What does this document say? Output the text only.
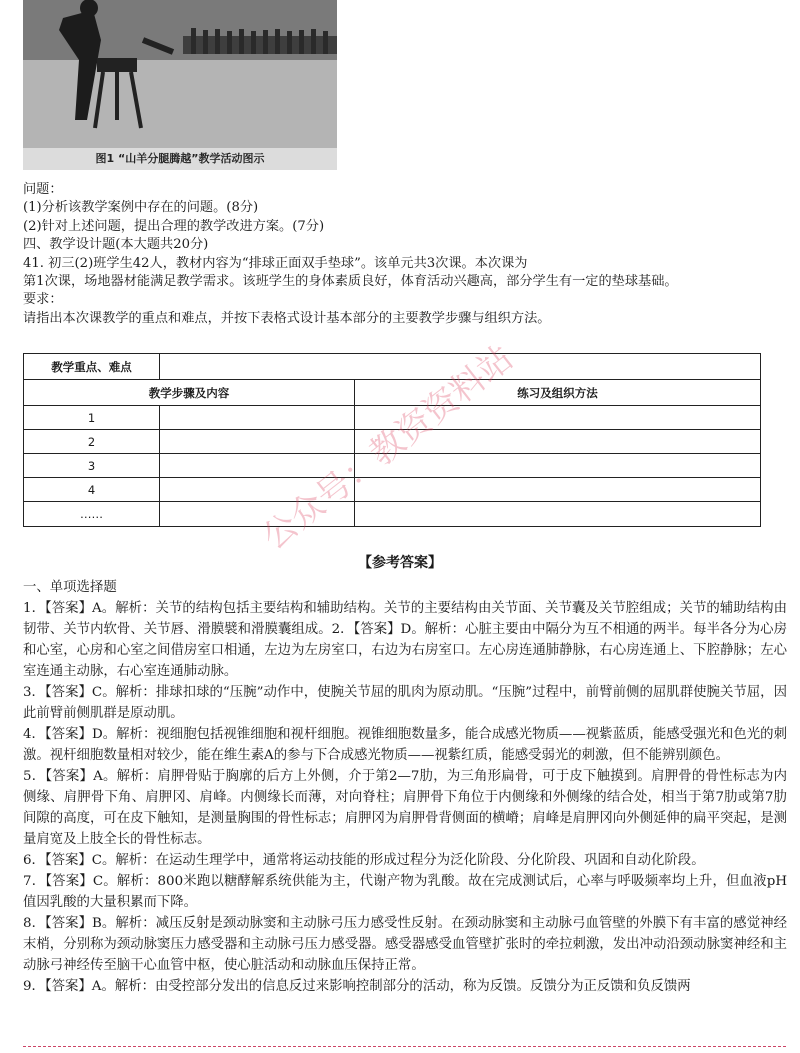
图1 “山羊分腿腾越”教学活动图示
问题：
(1)分析该教学案例中存在的问题。(8分)
(2)针对上述问题，提出合理的教学改进方案。(7分)
四、教学设计题(本大题共20分)
41. 初三(2)班学生42人，教材内容为“排球正面双手垫球”。该单元共3次课。本次课为
第1次课，场地器材能满足教学需求。该班学生的身体素质良好，体育活动兴趣高，部分学生有一定的垫球基础。
要求：
请指出本次课教学的重点和难点，并按下表格式设计基本部分的主要教学步骤与组织方法。
教学重点、难点		
教学步骤及内容		练习及组织方法
1		
2		
3		
4		
……			公众号：教资资料站
【参考答案】

一、单项选择题

1．【答案】A。解析：关节的结构包括主要结构和辅助结构。关节的主要结构由关节面、关节囊及关节腔组成；关节的辅助结构由韧带、关节内软骨、关节唇、滑膜襞和滑膜囊组成。2．【答案】D。解析：心脏主要由中隔分为互不相通的两半。每半各分为心房和心室，心房和心室之间借房室口相通，左边为左房室口，右边为右房室口。左心房连通肺静脉，右心房连通上、下腔静脉；左心室连通主动脉，右心室连通肺动脉。

3．【答案】C。解析：排球扣球的“压腕”动作中，使腕关节屈的肌肉为原动肌。“压腕”过程中，前臂前侧的屈肌群使腕关节屈，因此前臂前侧肌群是原动肌。

4．【答案】D。解析：视细胞包括视锥细胞和视杆细胞。视锥细胞数量多，能合成感光物质——视紫蓝质，能感受强光和色光的刺激。视杆细胞数量相对较少，能在维生素A的参与下合成感光物质——视紫红质，能感受弱光的刺激，但不能辨别颜色。

5．【答案】A。解析：肩胛骨贴于胸廓的后方上外侧，介于第2—7肋，为三角形扁骨，可于皮下触摸到。肩胛骨的骨性标志为内侧缘、肩胛骨下角、肩胛冈、肩峰。内侧缘长而薄，对向脊柱；肩胛骨下角位于内侧缘和外侧缘的结合处，相当于第7肋或第7肋间隙的高度，可在皮下触知，是测量胸围的骨性标志；肩胛冈为肩胛骨背侧面的横嵴；肩峰是肩胛冈向外侧延伸的扁平突起，是测量肩宽及上肢全长的骨性标志。

6．【答案】C。解析：在运动生理学中，通常将运动技能的形成过程分为泛化阶段、分化阶段、巩固和自动化阶段。

7．【答案】C。解析：800米跑以糖酵解系统供能为主，代谢产物为乳酸。故在完成测试后，心率与呼吸频率均上升，但血液pH值因乳酸的大量积累而下降。

8．【答案】B。解析：减压反射是颈动脉窦和主动脉弓压力感受性反射。在颈动脉窦和主动脉弓血管壁的外膜下有丰富的感觉神经末梢，分别称为颈动脉窦压力感受器和主动脉弓压力感受器。感受器感受血管壁扩张时的牵拉刺激，发出冲动沿颈动脉窦神经和主动脉弓神经传至脑干心血管中枢，使心脏活动和动脉血压保持正常。

9．【答案】A。解析：由受控部分发出的信息反过来影响控制部分的活动，称为反馈。反馈分为正反馈和负反馈两
